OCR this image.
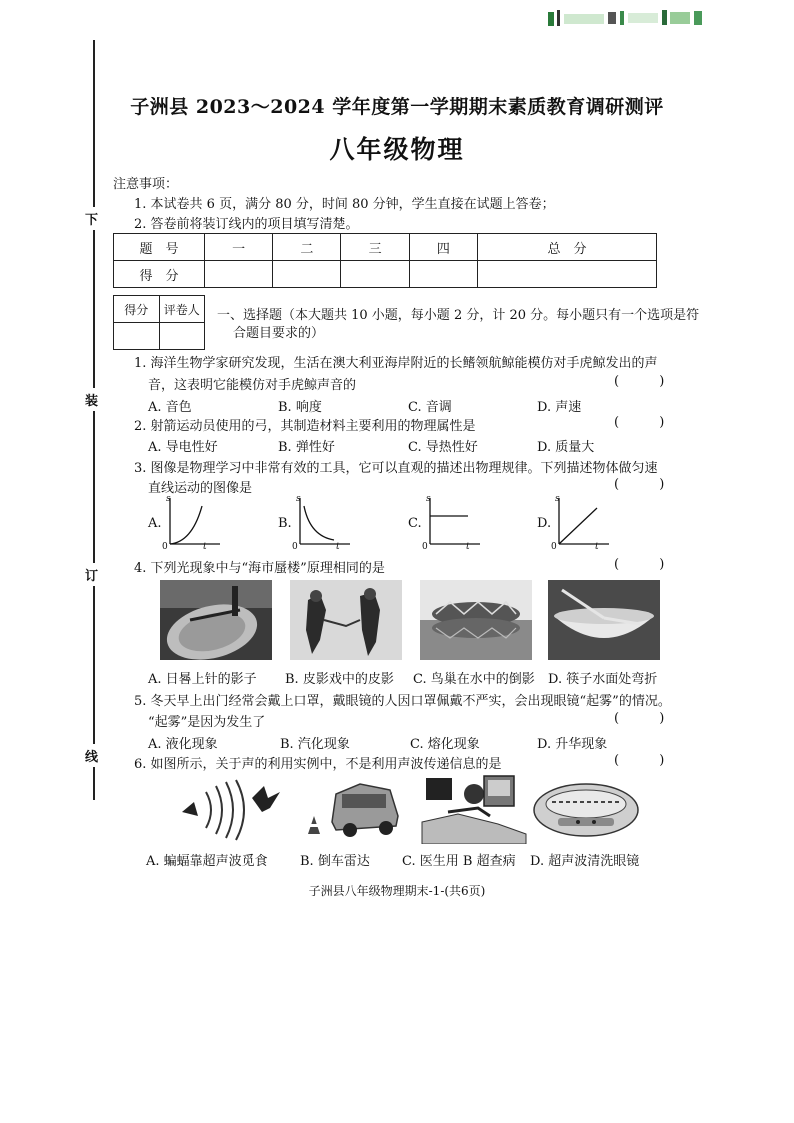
下
装
订
线
子洲县 2023～2024 学年度第一学期期末素质教育调研测评
八年级物理
注意事项：
1. 本试卷共 6 页，满分 80 分，时间 80 分钟，学生直接在试题上答卷；
2. 答卷前将装订线内的项目填写清楚。
题　号	一	二	三	四	总　分
得　分					
得分	评卷人
	一、选择题（本大题共 10 小题，每小题 2 分，计 20 分。每小题只有一个选项是符
合题目要求的）
1. 海洋生物学家研究发现，生活在澳大利亚海岸附近的长鳍领航鲸能模仿对手虎鲸发出的声
音，这表明它能模仿对手虎鲸声音的	( )
A. 音色	B. 响度	C. 音调	D. 声速
2. 射箭运动员使用的弓，其制造材料主要利用的物理属性是	( )
A. 导电性好	B. 弹性好	C. 导热性好	D. 质量大
3. 图像是物理学习中非常有效的工具，它可以直观的描述出物理规律。下列描述物体做匀速
直线运动的图像是	( )
A.
s
t
0
B.
s
t
0
C.
s
t
0
D.
s
t
0
4. 下列光现象中与“海市蜃楼”原理相同的是	( )
A. 日晷上针的影子 B. 皮影戏中的皮影 C. 鸟巢在水中的倒影 D. 筷子水面处弯折
5. 冬天早上出门经常会戴上口罩，戴眼镜的人因口罩佩戴不严实，会出现眼镜“起雾”的情况。
“起雾”是因为发生了	( )
A. 液化现象	B. 汽化现象	C. 熔化现象	D. 升华现象
6. 如图所示，关于声的利用实例中，不是利用声波传递信息的是	( )
A. 蝙蝠靠超声波觅食 B. 倒车雷达 C. 医生用 B 超查病 D. 超声波清洗眼镜
子洲县八年级物理期末-1-(共6页)
